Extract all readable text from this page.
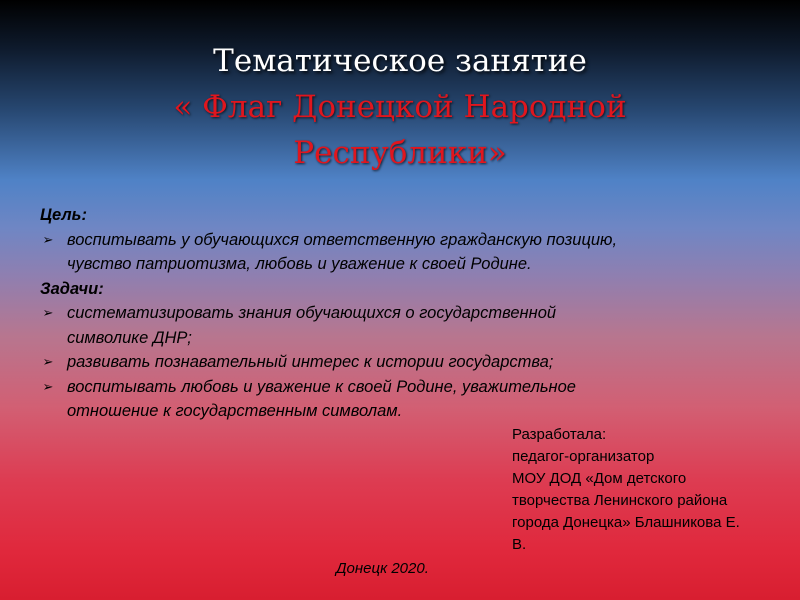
Тематическое занятие
« Флаг Донецкой Народной
Республики»
Цель:
➢ воспитывать у обучающихся ответственную гражданскую позицию,
чувство патриотизма, любовь и уважение к своей Родине.
Задачи:
➢ систематизировать знания обучающихся о государственной
символике ДНР;
➢ развивать познавательный интерес к истории государства;
➢ воспитывать любовь и уважение к своей Родине, уважительное
отношение к государственным символам.
Разработала:
педагог-организатор
МОУ ДОД «Дом детского
творчества Ленинского района
города Донецка» Блашникова Е.
В.
Донецк 2020.
